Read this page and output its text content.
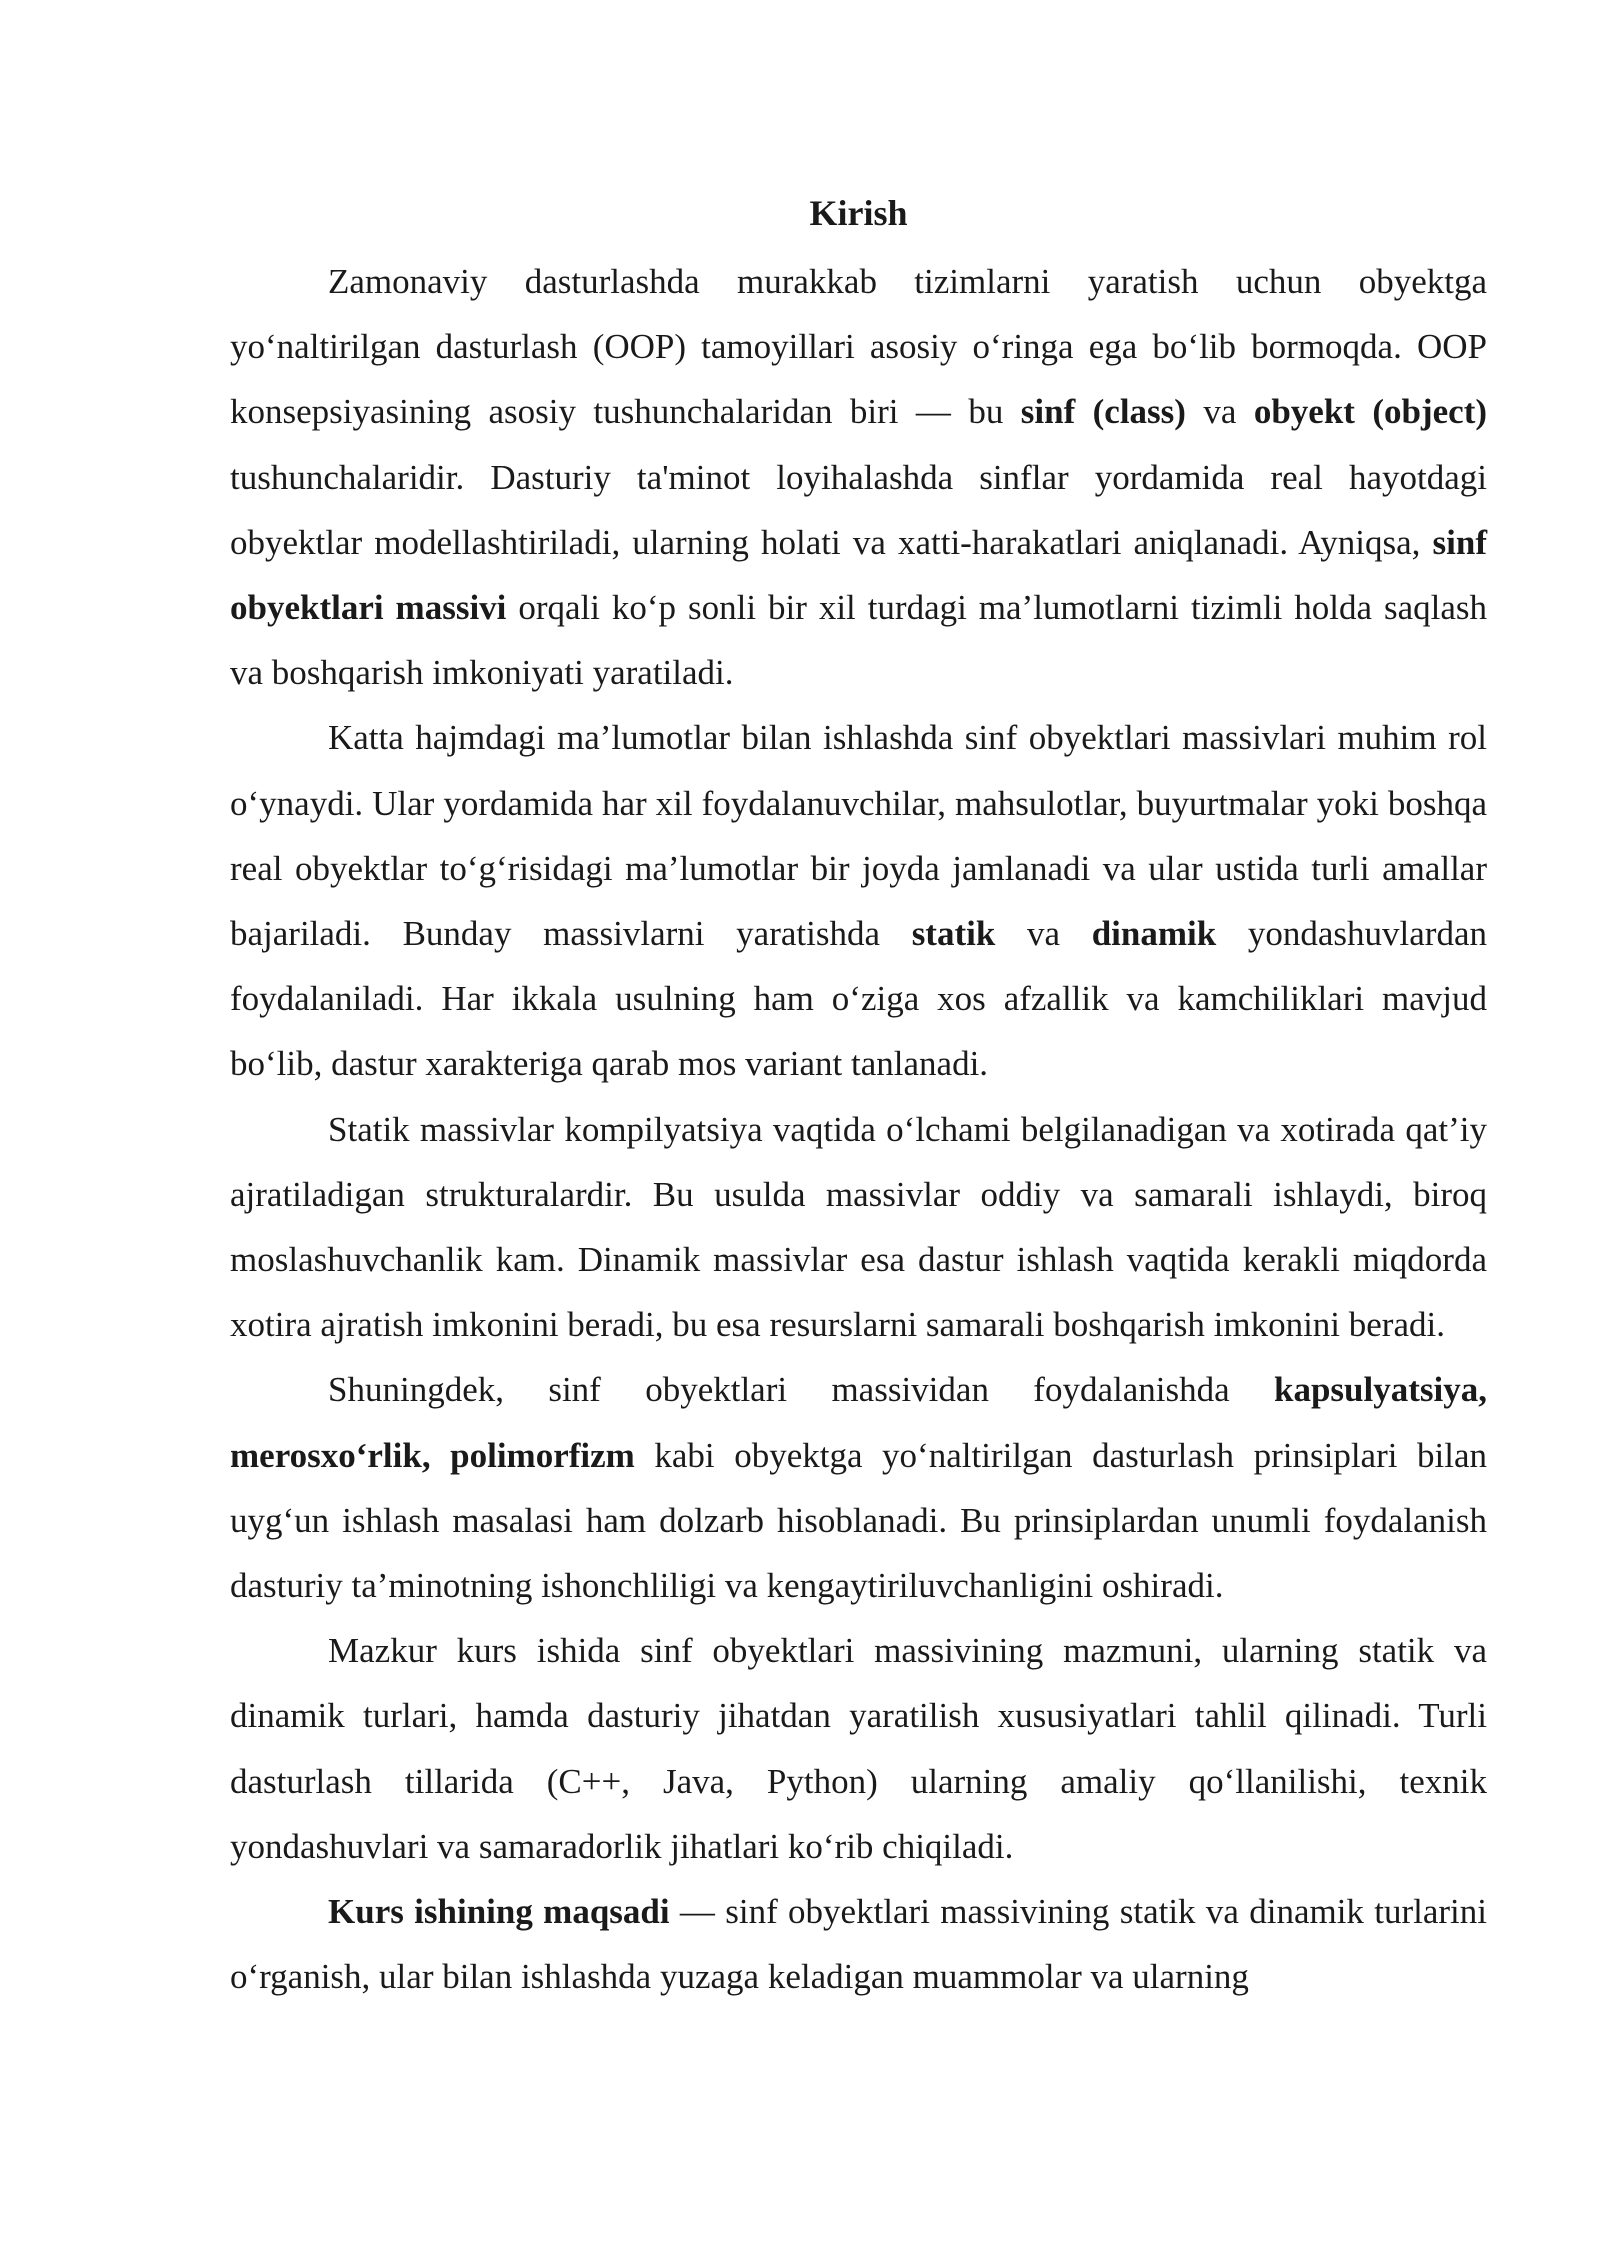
Kirish

Zamonaviy dasturlashda murakkab tizimlarni yaratish uchun obyektga yo‘naltirilgan dasturlash (OOP) tamoyillari asosiy o‘ringa ega bo‘lib bormoqda. OOP konsepsiyasining asosiy tushunchalaridan biri — bu sinf (class) va obyekt (object) tushunchalaridir. Dasturiy ta'minot loyihalashda sinflar yordamida real hayotdagi obyektlar modellashtiriladi, ularning holati va xatti-harakatlari aniqlanadi. Ayniqsa, sinf obyektlari massivi orqali ko‘p sonli bir xil turdagi ma’lumotlarni tizimli holda saqlash va boshqarish imkoniyati yaratiladi.

Katta hajmdagi ma’lumotlar bilan ishlashda sinf obyektlari massivlari muhim rol o‘ynaydi. Ular yordamida har xil foydalanuvchilar, mahsulotlar, buyurtmalar yoki boshqa real obyektlar to‘g‘risidagi ma’lumotlar bir joyda jamlanadi va ular ustida turli amallar bajariladi. Bunday massivlarni yaratishda statik va dinamik yondashuvlardan foydalaniladi. Har ikkala usulning ham o‘ziga xos afzallik va kamchiliklari mavjud bo‘lib, dastur xarakteriga qarab mos variant tanlanadi.

Statik massivlar kompilyatsiya vaqtida o‘lchami belgilanadigan va xotirada qat’iy ajratiladigan strukturalardir. Bu usulda massivlar oddiy va samarali ishlaydi, biroq moslashuvchanlik kam. Dinamik massivlar esa dastur ishlash vaqtida kerakli miqdorda xotira ajratish imkonini beradi, bu esa resurslarni samarali boshqarish imkonini beradi.

Shuningdek, sinf obyektlari massividan foydalanishda kapsulyatsiya, merosxo‘rlik, polimorfizm kabi obyektga yo‘naltirilgan dasturlash prinsiplari bilan uyg‘un ishlash masalasi ham dolzarb hisoblanadi. Bu prinsiplardan unumli foydalanish dasturiy ta’minotning ishonchliligi va kengaytiriluvchanligini oshiradi.

Mazkur kurs ishida sinf obyektlari massivining mazmuni, ularning statik va dinamik turlari, hamda dasturiy jihatdan yaratilish xususiyatlari tahlil qilinadi. Turli dasturlash tillarida (C++, Java, Python) ularning amaliy qo‘llanilishi, texnik yondashuvlari va samaradorlik jihatlari ko‘rib chiqiladi.

Kurs ishining maqsadi — sinf obyektlari massivining statik va dinamik turlarini o‘rganish, ular bilan ishlashda yuzaga keladigan muammolar va ularning
